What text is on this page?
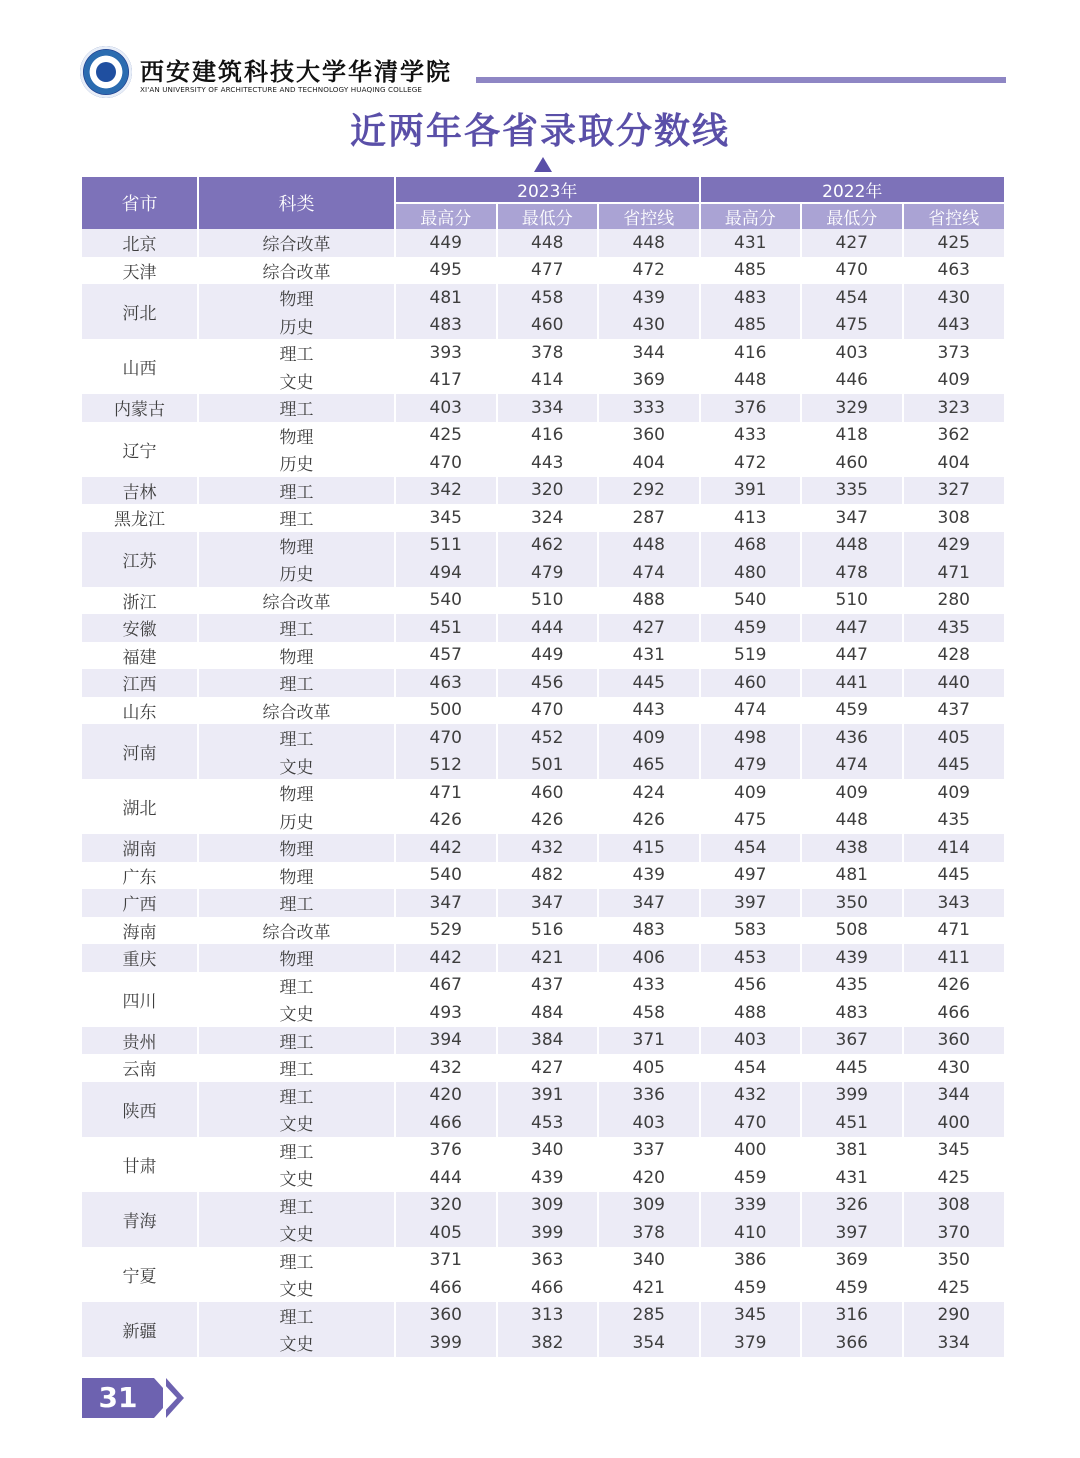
西安建筑科技大学华清学院
XI'AN UNIVERSITY OF ARCHITECTURE AND TECHNOLOGY HUAQING COLLEGE
近两年各省录取分数线
省市	科类	2023年			2022年		
		最高分	最低分	省控线	最高分	最低分	省控线
北京	综合改革	449	448	448	431	427	425
天津	综合改革	495	477	472	485	470	463
河北	物理	481	458	439	483	454	430
	历史	483	460	430	485	475	443
山西	理工	393	378	344	416	403	373
	文史	417	414	369	448	446	409
内蒙古	理工	403	334	333	376	329	323
辽宁	物理	425	416	360	433	418	362
	历史	470	443	404	472	460	404
吉林	理工	342	320	292	391	335	327
黑龙江	理工	345	324	287	413	347	308
江苏	物理	511	462	448	468	448	429
	历史	494	479	474	480	478	471
浙江	综合改革	540	510	488	540	510	280
安徽	理工	451	444	427	459	447	435
福建	物理	457	449	431	519	447	428
江西	理工	463	456	445	460	441	440
山东	综合改革	500	470	443	474	459	437
河南	理工	470	452	409	498	436	405
	文史	512	501	465	479	474	445
湖北	物理	471	460	424	409	409	409
	历史	426	426	426	475	448	435
湖南	物理	442	432	415	454	438	414
广东	物理	540	482	439	497	481	445
广西	理工	347	347	347	397	350	343
海南	综合改革	529	516	483	583	508	471
重庆	物理	442	421	406	453	439	411
四川	理工	467	437	433	456	435	426
	文史	493	484	458	488	483	466
贵州	理工	394	384	371	403	367	360
云南	理工	432	427	405	454	445	430
陕西	理工	420	391	336	432	399	344
	文史	466	453	403	470	451	400
甘肃	理工	376	340	337	400	381	345
	文史	444	439	420	459	431	425
青海	理工	320	309	309	339	326	308
	文史	405	399	378	410	397	370
宁夏	理工	371	363	340	386	369	350
	文史	466	466	421	459	459	425
新疆	理工	360	313	285	345	316	290
	文史	399	382	354	379	366	334
31
